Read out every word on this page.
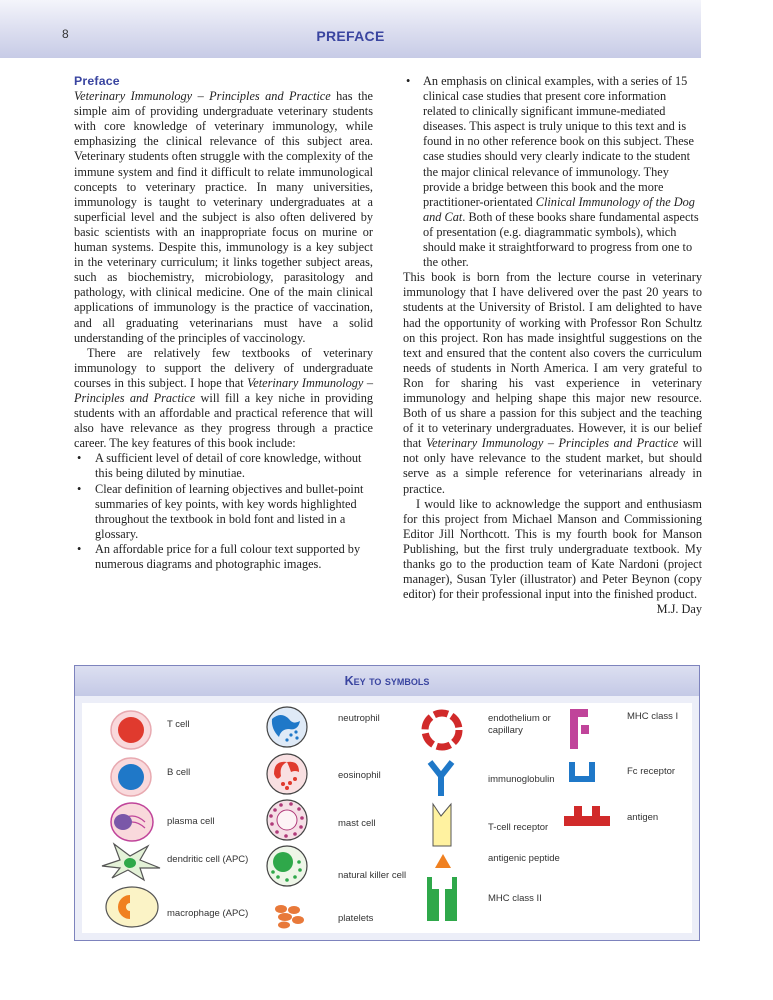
8	PREFACE
Preface

Veterinary Immunology – Principles and Practice has the simple aim of providing undergraduate veterinary students with core knowledge of veterinary immunology, while emphasizing the clinical relevance of this subject area. Veterinary students often struggle with the complexity of the immune system and find it difficult to relate immunological concepts to veterinary practice. In many universities, immunology is taught to veterinary undergraduates at a superficial level and the subject is also often delivered by basic scientists with an inappropriate focus on murine or human systems. Despite this, immunology is a key subject in the veterinary curriculum; it links together subject areas, such as biochemistry, microbiology, parasitology and pathology, with clinical medicine. One of the main clinical applications of immunology is the practice of vaccination, and all graduating veterinarians must have a solid understanding of the principles of vaccinology.

There are relatively few textbooks of veterinary immunology to support the delivery of undergraduate courses in this subject. I hope that Veterinary Immunology – Principles and Practice will fill a key niche in providing students with an affordable and practical reference that will also have relevance as they progress through a practice career. The key features of this book include:

• A sufficient level of detail of core knowledge, without this being diluted by minutiae.
• Clear definition of learning objectives and bullet-point summaries of key points, with key words highlighted throughout the textbook in bold font and listed in a glossary.
• An affordable price for a full colour text supported by numerous diagrams and photographic images.
• An emphasis on clinical examples, with a series of 15 clinical case studies that present core information related to clinically significant immune-mediated diseases. This aspect is truly unique to this text and is found in no other reference book on this subject. These case studies should very clearly indicate to the student the major clinical relevance of immunology. They provide a bridge between this book and the more practitioner-orientated Clinical Immunology of the Dog and Cat. Both of these books share fundamental aspects of presentation (e.g. diagrammatic symbols), which should make it straightforward to progress from one to the other.

This book is born from the lecture course in veterinary immunology that I have delivered over the past 20 years to students at the University of Bristol. I am delighted to have had the opportunity of working with Professor Ron Schultz on this project. Ron has made insightful suggestions on the text and ensured that the content also covers the curriculum needs of students in North America. I am very grateful to Ron for sharing his vast experience in veterinary immunology and helping shape this major new resource. Both of us share a passion for this subject and the teaching of it to veterinary undergraduates. However, it is our belief that Veterinary Immunology – Principles and Practice will not only have relevance to the student market, but should serve as a simple reference for veterinarians already in practice.

I would like to acknowledge the support and enthusiasm for this project from Michael Manson and Commissioning Editor Jill Northcott. This is my fourth book for Manson Publishing, but the first truly undergraduate textbook. My thanks go to the production team of Kate Nardoni (project manager), Susan Tyler (illustrator) and Peter Beynon (copy editor) for their professional input into the finished product.

M.J. Day

Key to symbols
T cell
B cell
plasma cell
dendritic cell (APC)
macrophage (APC)
neutrophil
eosinophil
mast cell
natural killer cell
platelets
endothelium or capillary
immunoglobulin
T-cell receptor
antigenic peptide
MHC class II
MHC class I
Fc receptor
antigen
